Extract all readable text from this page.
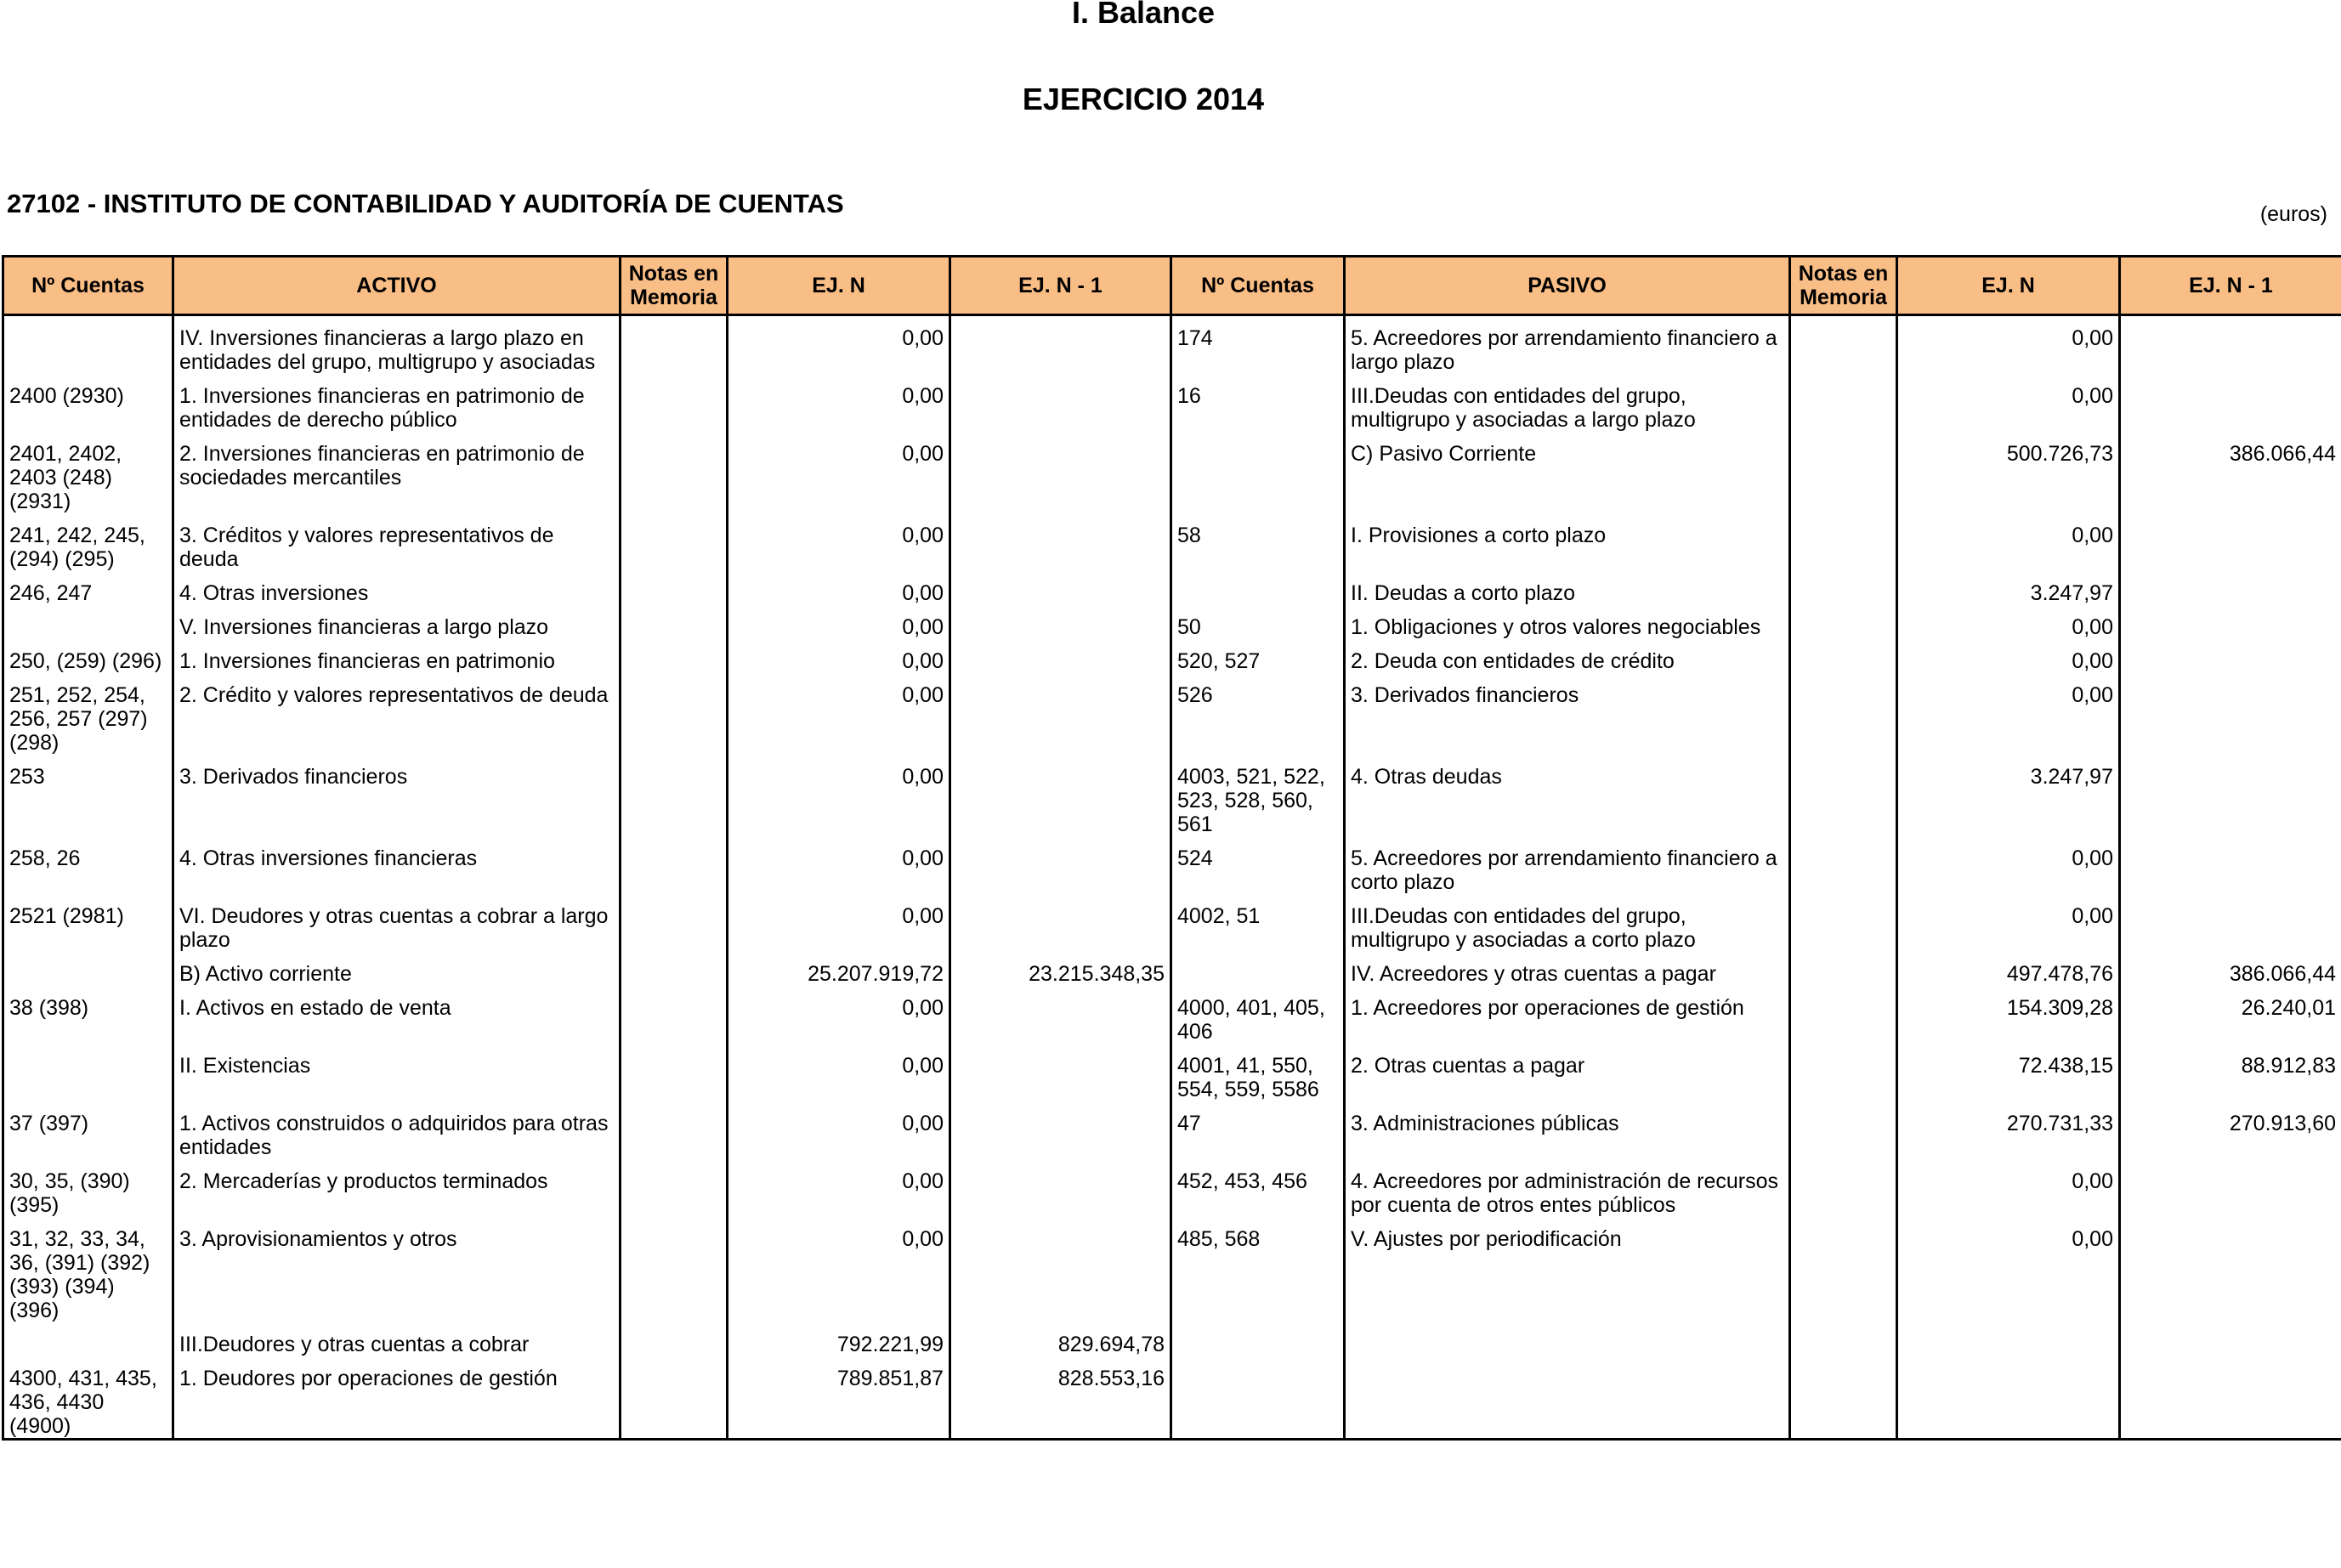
I. Balance
EJERCICIO 2014
27102 - INSTITUTO DE CONTABILIDAD Y AUDITORÍA DE CUENTAS	(euros)
Nº Cuentas	ACTIVO	Notas en Memoria	EJ. N	EJ. N - 1	Nº Cuentas	PASIVO	Notas en Memoria	EJ. N	EJ. N - 1
	IV. Inversiones financieras a largo plazo en entidades del grupo, multigrupo y asociadas		0,00		174	5. Acreedores por arrendamiento financiero a largo plazo		0,00	
2400 (2930)	1. Inversiones financieras en patrimonio de entidades de derecho público		0,00		16	III.Deudas con entidades del grupo, multigrupo y asociadas a largo plazo		0,00	
2401, 2402, 2403 (248) (2931)	2. Inversiones financieras en patrimonio de sociedades mercantiles		0,00			C) Pasivo Corriente		500.726,73	386.066,44
241, 242, 245, (294) (295)	3. Créditos y valores representativos de deuda		0,00		58	I. Provisiones a corto plazo		0,00	
246, 247	4. Otras inversiones		0,00			II. Deudas a corto plazo		3.247,97	
	V. Inversiones financieras a largo plazo		0,00		50	1. Obligaciones y otros valores negociables		0,00	
250, (259) (296)	1. Inversiones financieras en patrimonio		0,00		520, 527	2. Deuda con entidades de crédito		0,00	
251, 252, 254, 256, 257 (297) (298)	2. Crédito y valores representativos de deuda		0,00		526	3. Derivados financieros		0,00	
253	3. Derivados financieros		0,00		4003, 521, 522, 523, 528, 560, 561	4. Otras deudas		3.247,97	
258, 26	4. Otras inversiones financieras		0,00		524	5. Acreedores por arrendamiento financiero a corto plazo		0,00	
2521 (2981)	VI. Deudores y otras cuentas a cobrar a largo plazo		0,00		4002, 51	III.Deudas con entidades del grupo, multigrupo y asociadas a corto plazo		0,00	
	B) Activo corriente		25.207.919,72	23.215.348,35		IV. Acreedores y otras cuentas a pagar		497.478,76	386.066,44
38 (398)	I. Activos en estado de venta		0,00		4000, 401, 405, 406	1. Acreedores por operaciones de gestión		154.309,28	26.240,01
	II. Existencias		0,00		4001, 41, 550, 554, 559, 5586	2. Otras cuentas a pagar		72.438,15	88.912,83
37 (397)	1. Activos construidos o adquiridos para otras entidades		0,00		47	3. Administraciones públicas		270.731,33	270.913,60
30, 35, (390) (395)	2. Mercaderías y productos terminados		0,00		452, 453, 456	4. Acreedores por administración de recursos por cuenta de otros entes públicos		0,00	
31, 32, 33, 34, 36, (391) (392) (393) (394) (396)	3. Aprovisionamientos y otros		0,00		485, 568	V. Ajustes por periodificación		0,00	
	III.Deudores y otras cuentas a cobrar		792.221,99	829.694,78					
4300, 431, 435, 436, 4430 (4900)	1. Deudores por operaciones de gestión		789.851,87	828.553,16					
